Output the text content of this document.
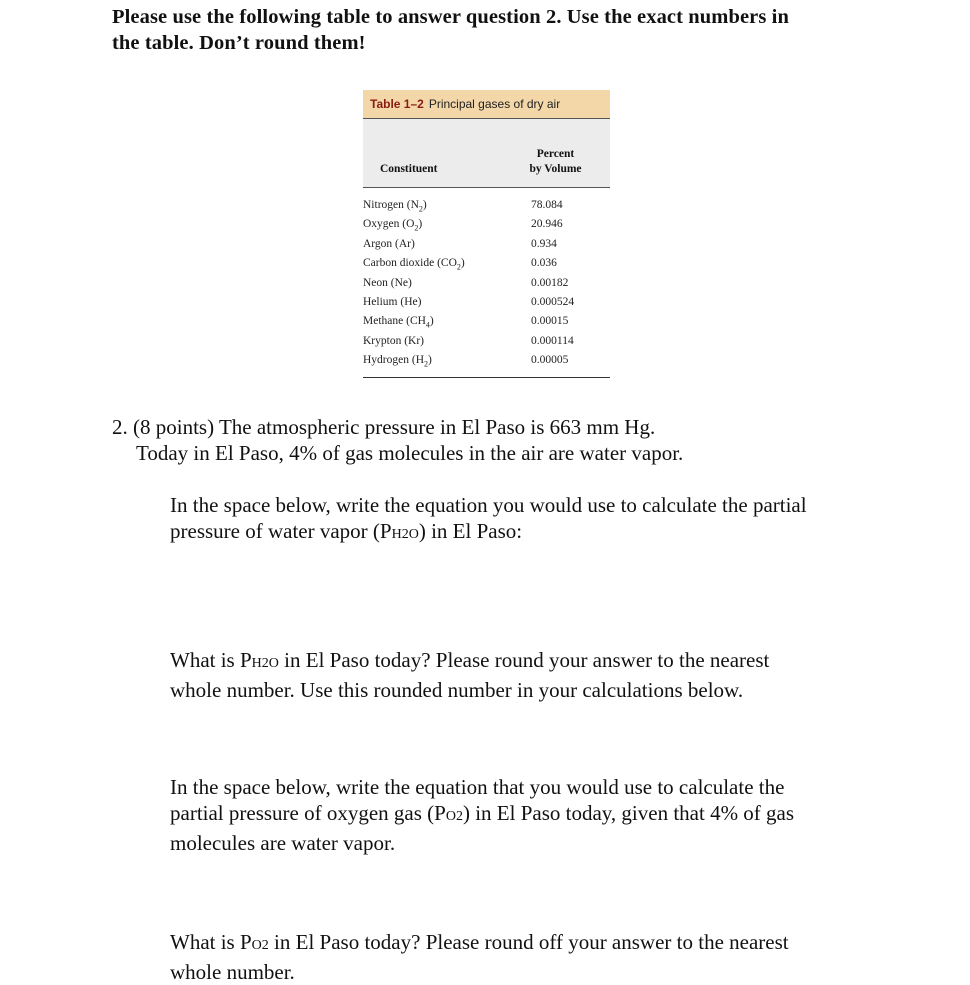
Please use the following table to answer question 2. Use the exact numbers in
the table. Don’t round them!
Table 1–2 Principal gases of dry air
Constituent
Percent
by Volume
Nitrogen $(N_2)$	78.084
Oxygen $(O_2)$	20.946
Argon (Ar)	0.934
Carbon dioxide $(CO_2)$	0.036
Neon (Ne)	0.00182
Helium (He)	0.000524
Methane $(CH_4)$	0.00015
Krypton (Kr)	0.000114
Hydrogen $(H_2)$	0.00005
2. (8 points) The atmospheric pressure in El Paso is 663 mm Hg.
Today in El Paso, 4% of gas molecules in the air are water vapor.
In the space below, write the equation you would use to calculate the partial
pressure of water vapor (PH2O) in El Paso:
What is PH2O in El Paso today? Please round your answer to the nearest
whole number. Use this rounded number in your calculations below.
In the space below, write the equation that you would use to calculate the
partial pressure of oxygen gas (PO2) in El Paso today, given that 4% of gas
molecules are water vapor.
What is PO2 in El Paso today? Please round off your answer to the nearest
whole number.
